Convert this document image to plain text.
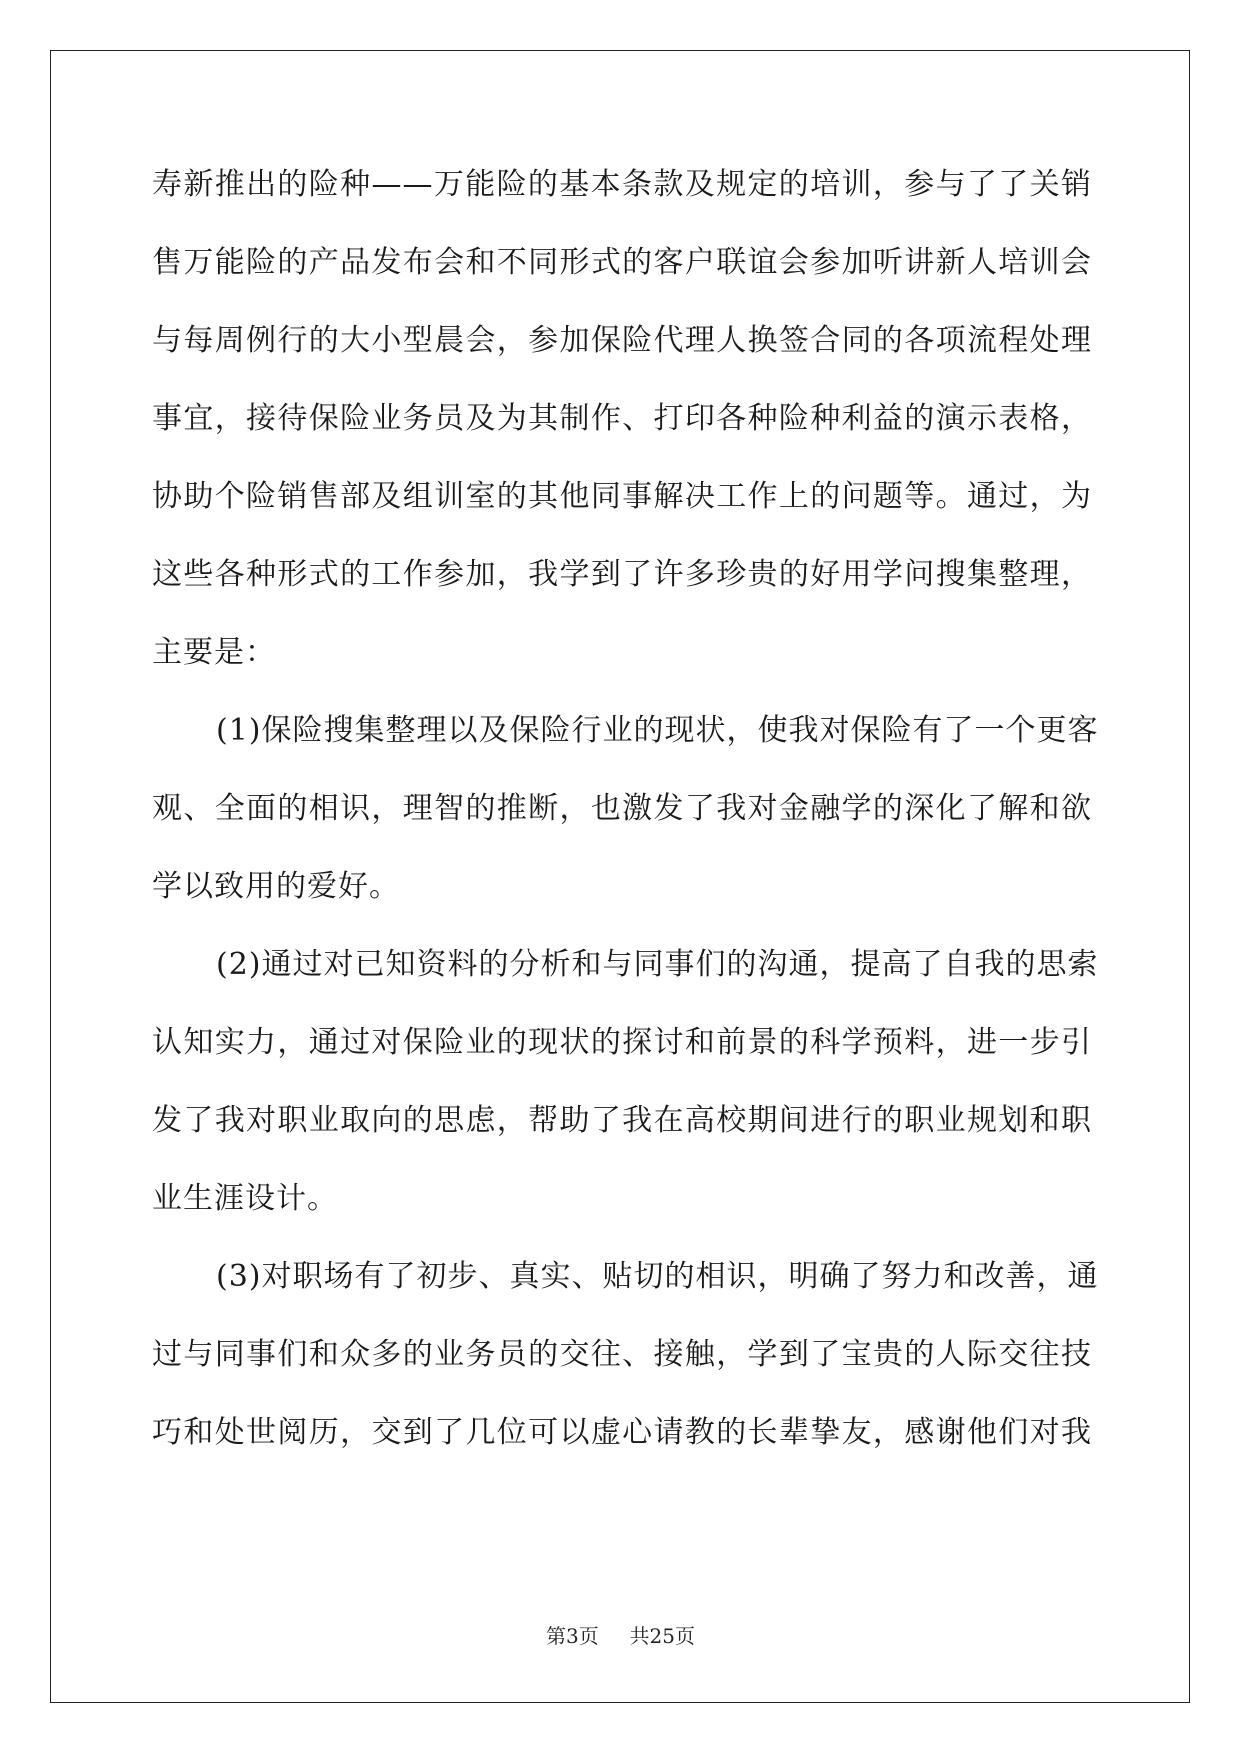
寿新推出的险种——万能险的基本条款及规定的培训，参与了了关销
售万能险的产品发布会和不同形式的客户联谊会参加听讲新人培训会
与每周例行的大小型晨会，参加保险代理人换签合同的各项流程处理
事宜，接待保险业务员及为其制作、打印各种险种利益的演示表格，
协助个险销售部及组训室的其他同事解决工作上的问题等。通过，为
这些各种形式的工作参加，我学到了许多珍贵的好用学问搜集整理，
主要是：
(1)保险搜集整理以及保险行业的现状，使我对保险有了一个更客
观、全面的相识，理智的推断，也激发了我对金融学的深化了解和欲
学以致用的爱好。
(2)通过对已知资料的分析和与同事们的沟通，提高了自我的思索
认知实力，通过对保险业的现状的探讨和前景的科学预料，进一步引
发了我对职业取向的思虑，帮助了我在高校期间进行的职业规划和职
业生涯设计。
(3)对职场有了初步、真实、贴切的相识，明确了努力和改善，通
过与同事们和众多的业务员的交往、接触，学到了宝贵的人际交往技
巧和处世阅历，交到了几位可以虚心请教的长辈挚友，感谢他们对我
第3页 共25页
